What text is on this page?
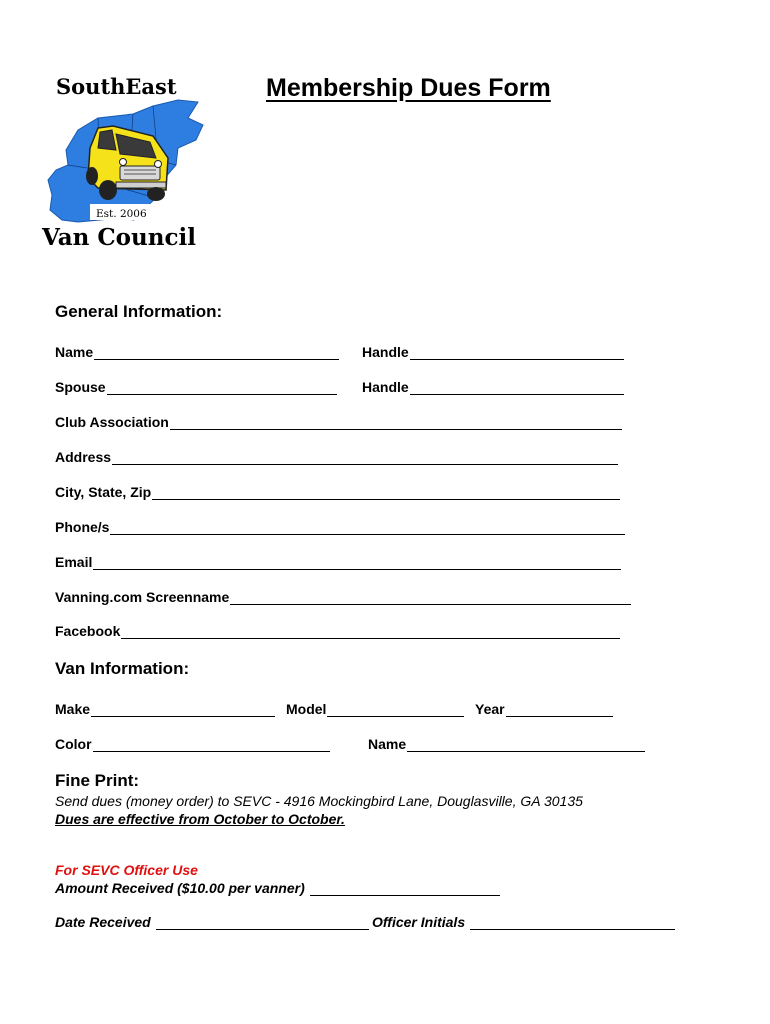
SouthEast
Est. 2006
Van Council
Membership Dues Form
General Information:
Name	Handle
Spouse	Handle
Club Association
Address
City, State, Zip
Phone/s
Email
Vanning.com Screenname
Facebook
Van Information:
Make	Model	Year
Color	Name
Fine Print:
Send dues (money order) to SEVC - 4916 Mockingbird Lane, Douglasville, GA 30135
Dues are effective from October to October.
For SEVC Officer Use
Amount Received ($10.00 per vanner)
Date Received	Officer Initials
